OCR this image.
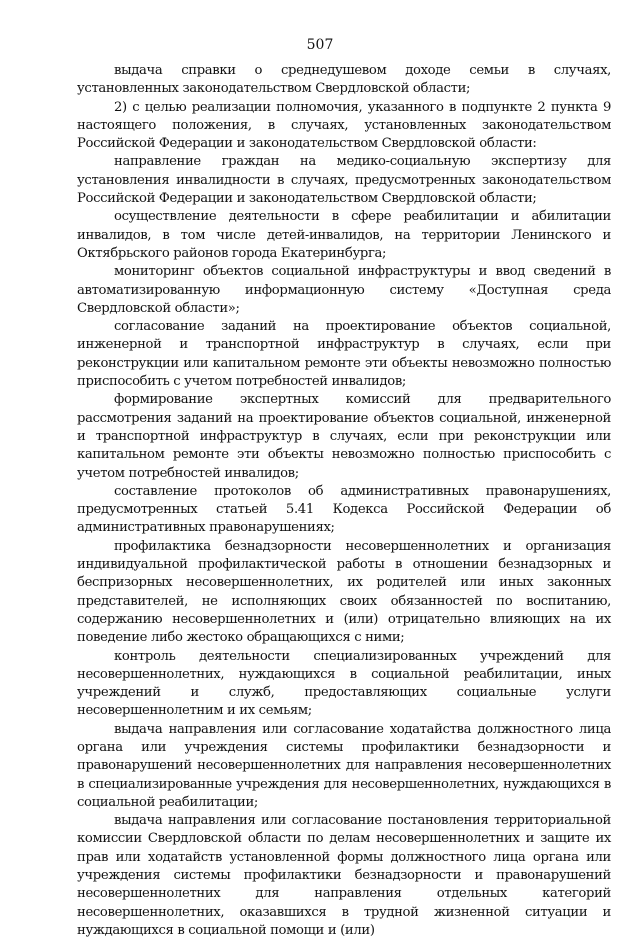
507

выдача справки о среднедушевом доходе семьи в случаях, установленных законодательством Свердловской области;

2) с целью реализации полномочия, указанного в подпункте 2 пункта 9 настоящего положения, в случаях, установленных законодательством Российской Федерации и законодательством Свердловской области:

направление граждан на медико-социальную экспертизу для установления инвалидности в случаях, предусмотренных законодательством Российской Федерации и законодательством Свердловской области;

осуществление деятельности в сфере реабилитации и абилитации инвалидов, в том числе детей-инвалидов, на территории Ленинского и Октябрьского районов города Екатеринбурга;

мониторинг объектов социальной инфраструктуры и ввод сведений в автоматизированную информационную систему «Доступная среда Свердловской области»;

согласование заданий на проектирование объектов социальной, инженерной и транспортной инфраструктур в случаях, если при реконструкции или капитальном ремонте эти объекты невозможно полностью приспособить с учетом потребностей инвалидов;

формирование экспертных комиссий для предварительного рассмотрения заданий на проектирование объектов социальной, инженерной и транспортной инфраструктур в случаях, если при реконструкции или капитальном ремонте эти объекты невозможно полностью приспособить с учетом потребностей инвалидов;

составление протоколов об административных правонарушениях, предусмотренных статьей 5.41 Кодекса Российской Федерации об административных правонарушениях;

профилактика безнадзорности несовершеннолетних и организация индивидуальной профилактической работы в отношении безнадзорных и беспризорных несовершеннолетних, их родителей или иных законных представителей, не исполняющих своих обязанностей по воспитанию, содержанию несовершеннолетних и (или) отрицательно влияющих на их поведение либо жестоко обращающихся с ними;

контроль деятельности специализированных учреждений для несовершеннолетних, нуждающихся в социальной реабилитации, иных учреждений и служб, предоставляющих социальные услуги несовершеннолетним и их семьям;

выдача направления или согласование ходатайства должностного лица органа или учреждения системы профилактики безнадзорности и правонарушений несовершеннолетних для направления несовершеннолетних в специализированные учреждения для несовершеннолетних, нуждающихся в социальной реабилитации;

выдача направления или согласование постановления территориальной комиссии Свердловской области по делам несовершеннолетних и защите их прав или ходатайств установленной формы должностного лица органа или учреждения системы профилактики безнадзорности и правонарушений несовершеннолетних для направления отдельных категорий несовершеннолетних, оказавшихся в трудной жизненной ситуации и нуждающихся в социальной помощи и (или)
